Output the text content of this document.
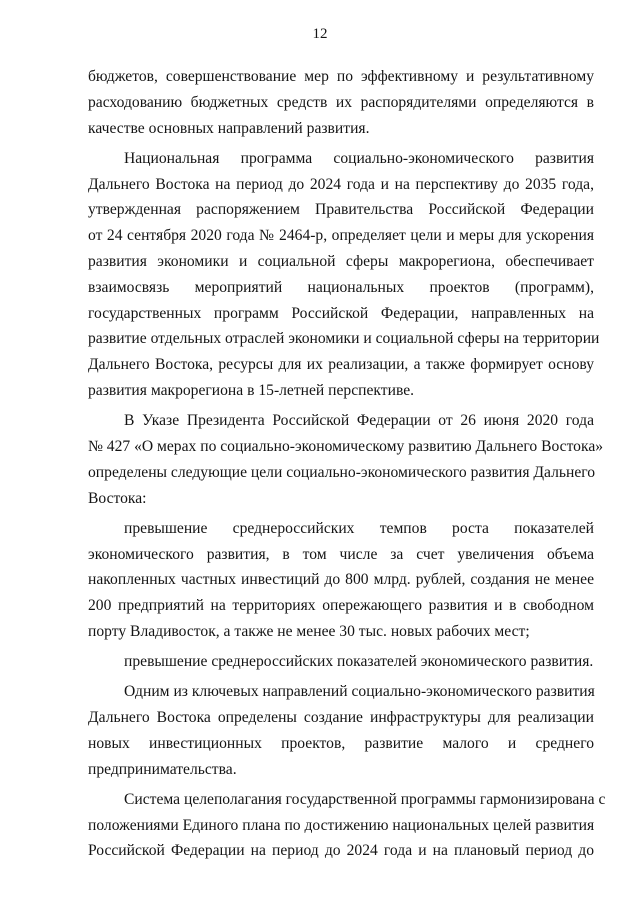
12
бюджетов, совершенствование мер по эффективному и результативному
расходованию бюджетных средств их распорядителями определяются в
качестве основных направлений развития.
Национальная программа социально-экономического развития
Дальнего Востока на период до 2024 года и на перспективу до 2035 года,
утвержденная распоряжением Правительства Российской Федерации
от 24 сентября 2020 года № 2464-р, определяет цели и меры для ускорения
развития экономики и социальной сферы макрорегиона, обеспечивает
взаимосвязь мероприятий национальных проектов (программ),
государственных программ Российской Федерации, направленных на
развитие отдельных отраслей экономики и социальной сферы на территории
Дальнего Востока, ресурсы для их реализации, а также формирует основу
развития макрорегиона в 15-летней перспективе.
В Указе Президента Российской Федерации от 26 июня 2020 года
№ 427 «О мерах по социально-экономическому развитию Дальнего Востока»
определены следующие цели социально-экономического развития Дальнего
Востока:
превышение среднероссийских темпов роста показателей
экономического развития, в том числе за счет увеличения объема
накопленных частных инвестиций до 800 млрд. рублей, создания не менее
200 предприятий на территориях опережающего развития и в свободном
порту Владивосток, а также не менее 30 тыс. новых рабочих мест;
превышение среднероссийских показателей экономического развития.
Одним из ключевых направлений социально-экономического развития
Дальнего Востока определены создание инфраструктуры для реализации
новых инвестиционных проектов, развитие малого и среднего
предпринимательства.
Система целеполагания государственной программы гармонизирована с
положениями Единого плана по достижению национальных целей развития
Российской Федерации на период до 2024 года и на плановый период до
